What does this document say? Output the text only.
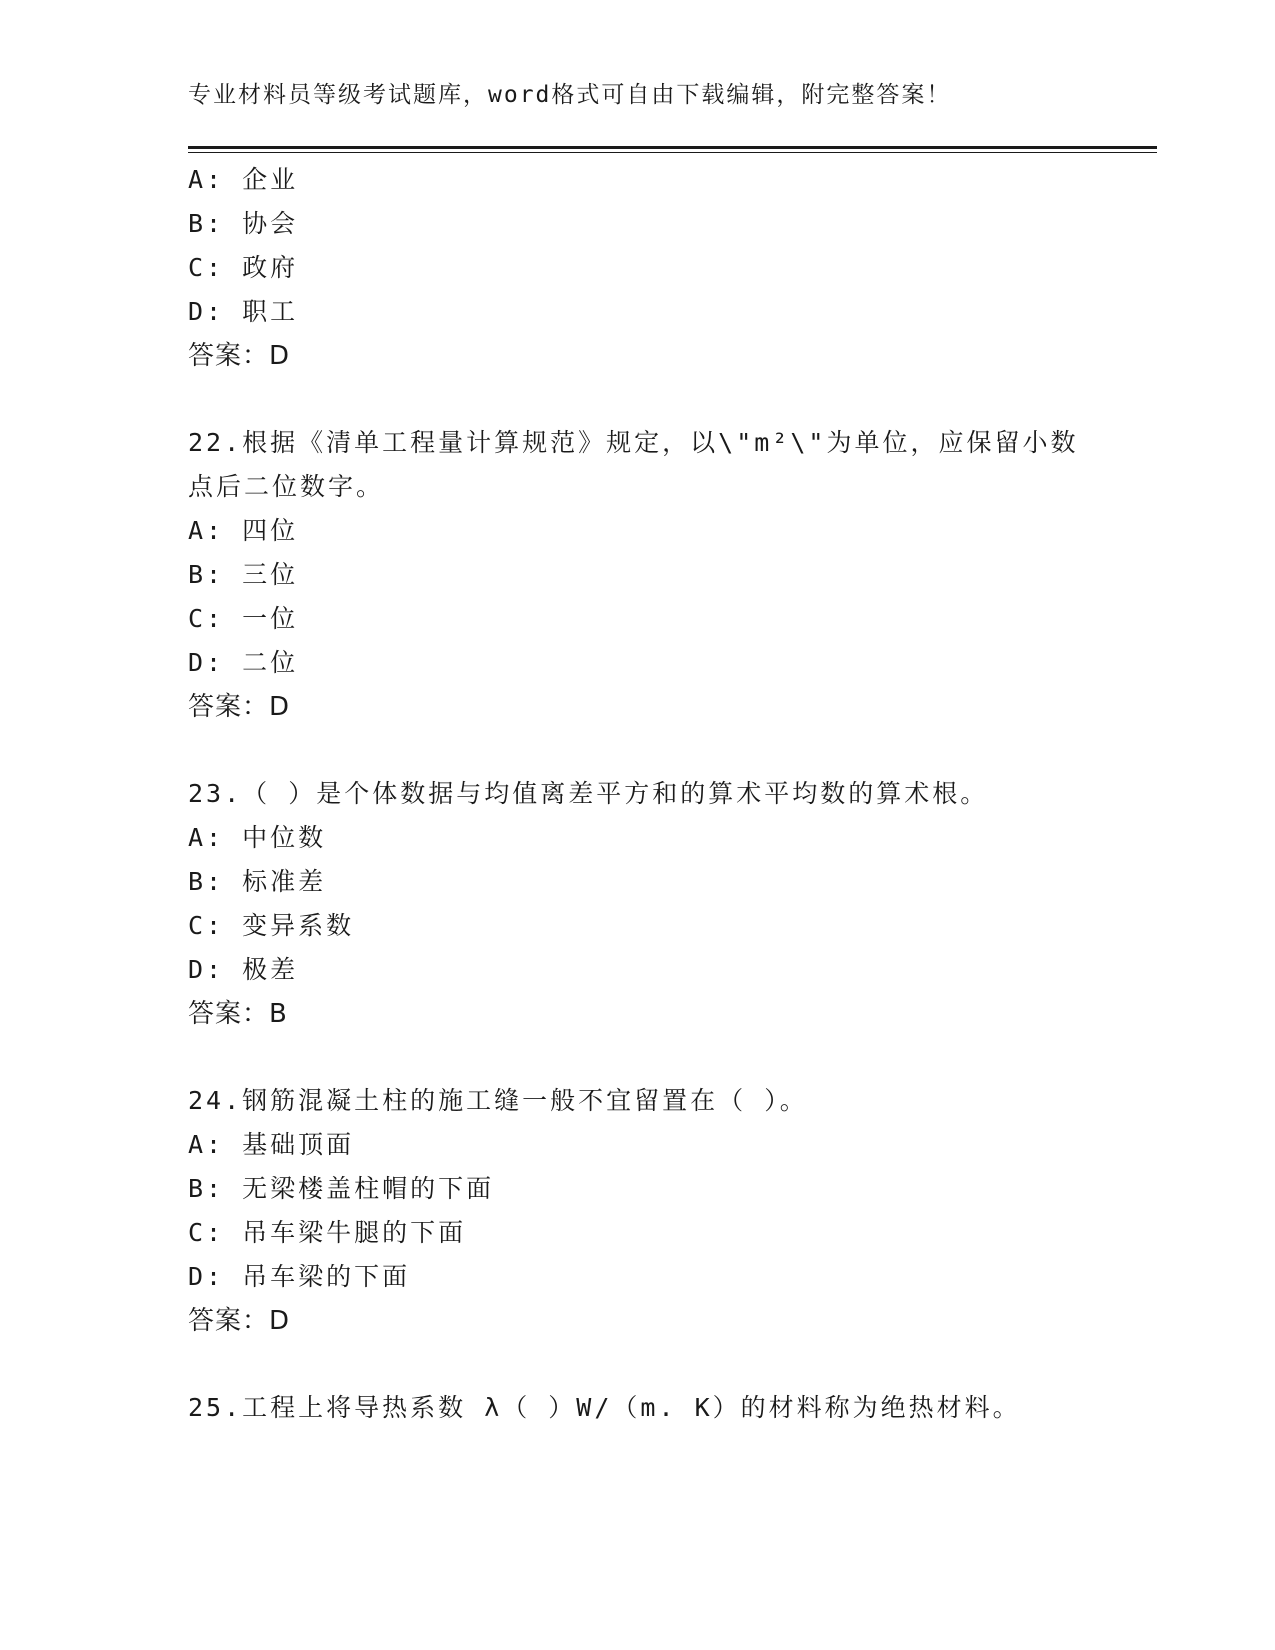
专业材料员等级考试题库，word格式可自由下载编辑，附完整答案！
A: 企业
B: 协会
C: 政府
D: 职工
答案：D
22.根据《清单工程量计算规范》规定，以\"m²\"为单位，应保留小数
点后二位数字。
A: 四位
B: 三位
C: 一位
D: 二位
答案：D
23.（ ）是个体数据与均值离差平方和的算术平均数的算术根。
A: 中位数
B: 标准差
C: 变异系数
D: 极差
答案：B
24.钢筋混凝土柱的施工缝一般不宜留置在（ ）。
A: 基础顶面
B: 无梁楼盖柱帽的下面
C: 吊车梁牛腿的下面
D: 吊车梁的下面
答案：D
25.工程上将导热系数 λ（ ）W/（m. K）的材料称为绝热材料。
